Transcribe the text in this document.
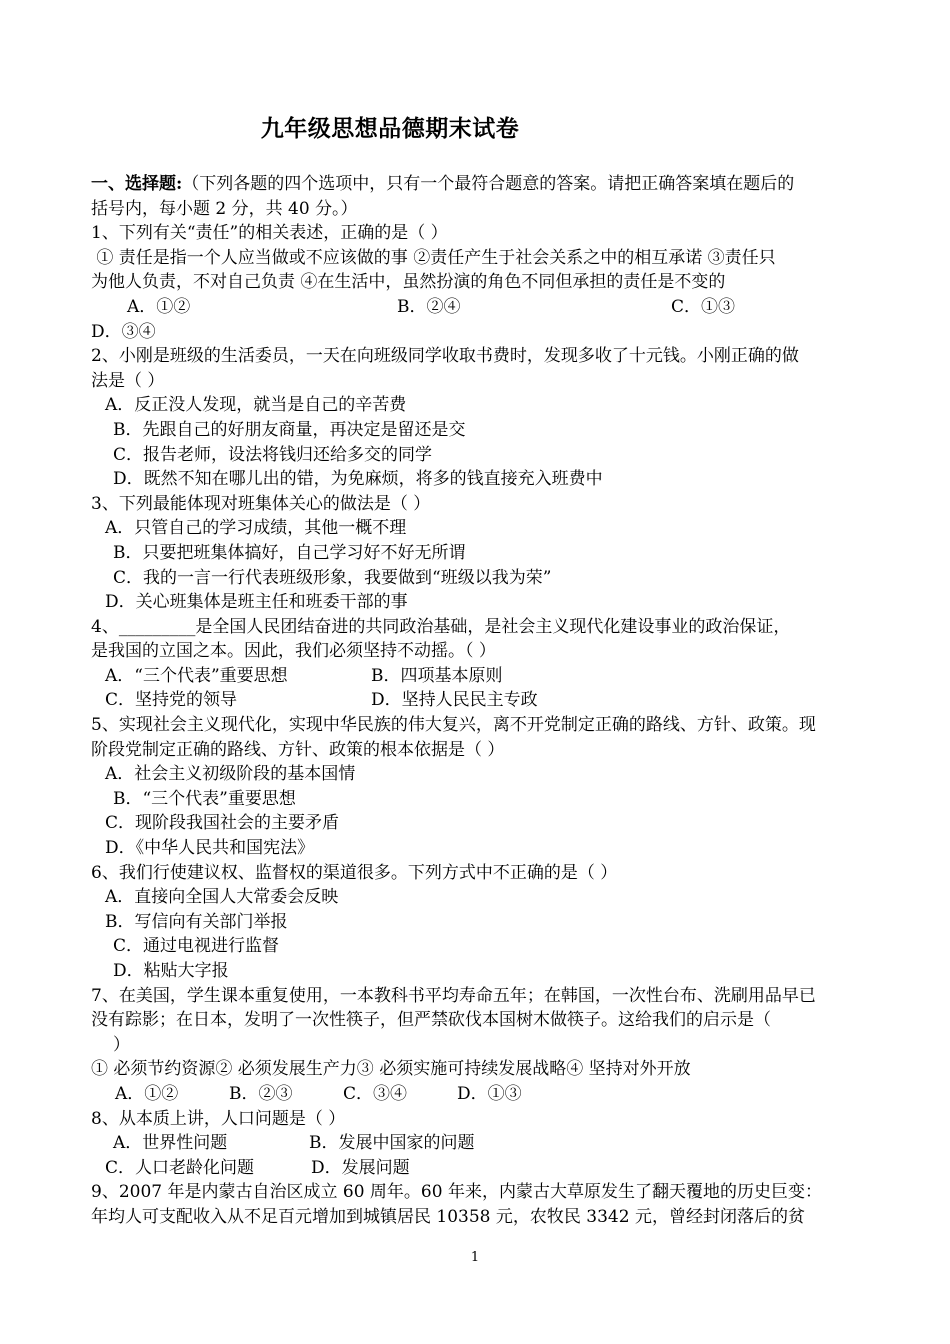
九年级思想品德期末试卷
一、选择题:（下列各题的四个选项中，只有一个最符合题意的答案。请把正确答案填在题后的
括号内，每小题 2 分，共 40 分。）
1、下列有关“责任”的相关表述，正确的是（ ）
① 责任是指一个人应当做或不应该做的事 ②责任产生于社会关系之中的相互承诺 ③责任只
为他人负责，不对自己负责 ④在生活中，虽然扮演的角色不同但承担的责任是不变的
A．①②	B．②④	C．①③
D．③④
2、小刚是班级的生活委员，一天在向班级同学收取书费时，发现多收了十元钱。小刚正确的做
法是（ ）
A．反正没人发现，就当是自己的辛苦费
B．先跟自己的好朋友商量，再决定是留还是交
C．报告老师，设法将钱归还给多交的同学
D．既然不知在哪儿出的错，为免麻烦，将多的钱直接充入班费中
3、下列最能体现对班集体关心的做法是（ ）
A．只管自己的学习成绩，其他一概不理
B．只要把班集体搞好，自己学习好不好无所谓
C．我的一言一行代表班级形象，我要做到“班级以我为荣”
D．关心班集体是班主任和班委干部的事
4、_________是全国人民团结奋进的共同政治基础，是社会主义现代化建设事业的政治保证，
是我国的立国之本。因此，我们必须坚持不动摇。（ ）
A．“三个代表”重要思想	B．四项基本原则
C．坚持党的领导	D．坚持人民民主专政
5、实现社会主义现代化，实现中华民族的伟大复兴，离不开党制定正确的路线、方针、政策。现
阶段党制定正确的路线、方针、政策的根本依据是（ ）
A．社会主义初级阶段的基本国情
B．“三个代表”重要思想
C．现阶段我国社会的主要矛盾
D．《中华人民共和国宪法》
6、我们行使建议权、监督权的渠道很多。下列方式中不正确的是（ ）
A．直接向全国人大常委会反映
B．写信向有关部门举报
C．通过电视进行监督
D．粘贴大字报
7、在美国，学生课本重复使用，一本教科书平均寿命五年；在韩国，一次性台布、洗刷用品早已
没有踪影；在日本，发明了一次性筷子，但严禁砍伐本国树木做筷子。这给我们的启示是（
）
① 必须节约资源② 必须发展生产力③ 必须实施可持续发展战略④ 坚持对外开放
A．①②	B．②③	C．③④	D．①③
8、从本质上讲，人口问题是（ ）
A．世界性问题	B．发展中国家的问题
C．人口老龄化问题	D．发展问题
9、2007 年是内蒙古自治区成立 60 周年。60 年来，内蒙古大草原发生了翻天覆地的历史巨变：
年均人可支配收入从不足百元增加到城镇居民 10358 元，农牧民 3342 元，曾经封闭落后的贫
1
